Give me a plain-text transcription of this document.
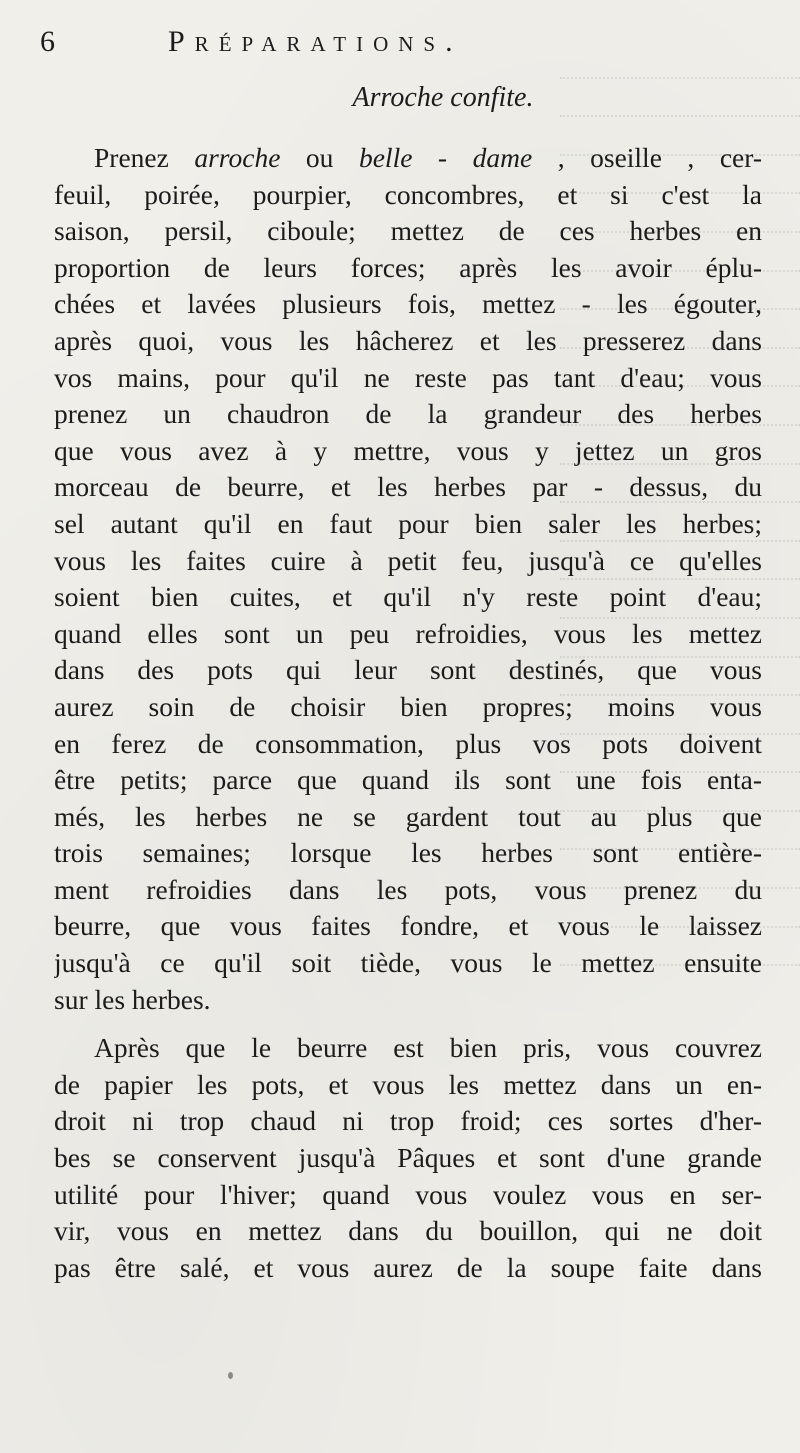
6	Préparations.
Arroche confite.
Prenez arroche ou belle - dame , oseille , cer-
feuil, poirée, pourpier, concombres, et si c'est la
saison, persil, ciboule; mettez de ces herbes en
proportion de leurs forces; après les avoir éplu-
chées et lavées plusieurs fois, mettez - les égouter,
après quoi, vous les hâcherez et les presserez dans
vos mains, pour qu'il ne reste pas tant d'eau; vous
prenez un chaudron de la grandeur des herbes
que vous avez à y mettre, vous y jettez un gros
morceau de beurre, et les herbes par - dessus, du
sel autant qu'il en faut pour bien saler les herbes;
vous les faites cuire à petit feu, jusqu'à ce qu'elles
soient bien cuites, et qu'il n'y reste point d'eau;
quand elles sont un peu refroidies, vous les mettez
dans des pots qui leur sont destinés, que vous
aurez soin de choisir bien propres; moins vous
en ferez de consommation, plus vos pots doivent
être petits; parce que quand ils sont une fois enta-
més, les herbes ne se gardent tout au plus que
trois semaines; lorsque les herbes sont entière-
ment refroidies dans les pots, vous prenez du
beurre, que vous faites fondre, et vous le laissez
jusqu'à ce qu'il soit tiède, vous le mettez ensuite
sur les herbes.
Après que le beurre est bien pris, vous couvrez
de papier les pots, et vous les mettez dans un en-
droit ni trop chaud ni trop froid; ces sortes d'her-
bes se conservent jusqu'à Pâques et sont d'une grande
utilité pour l'hiver; quand vous voulez vous en ser-
vir, vous en mettez dans du bouillon, qui ne doit
pas être salé, et vous aurez de la soupe faite dans
